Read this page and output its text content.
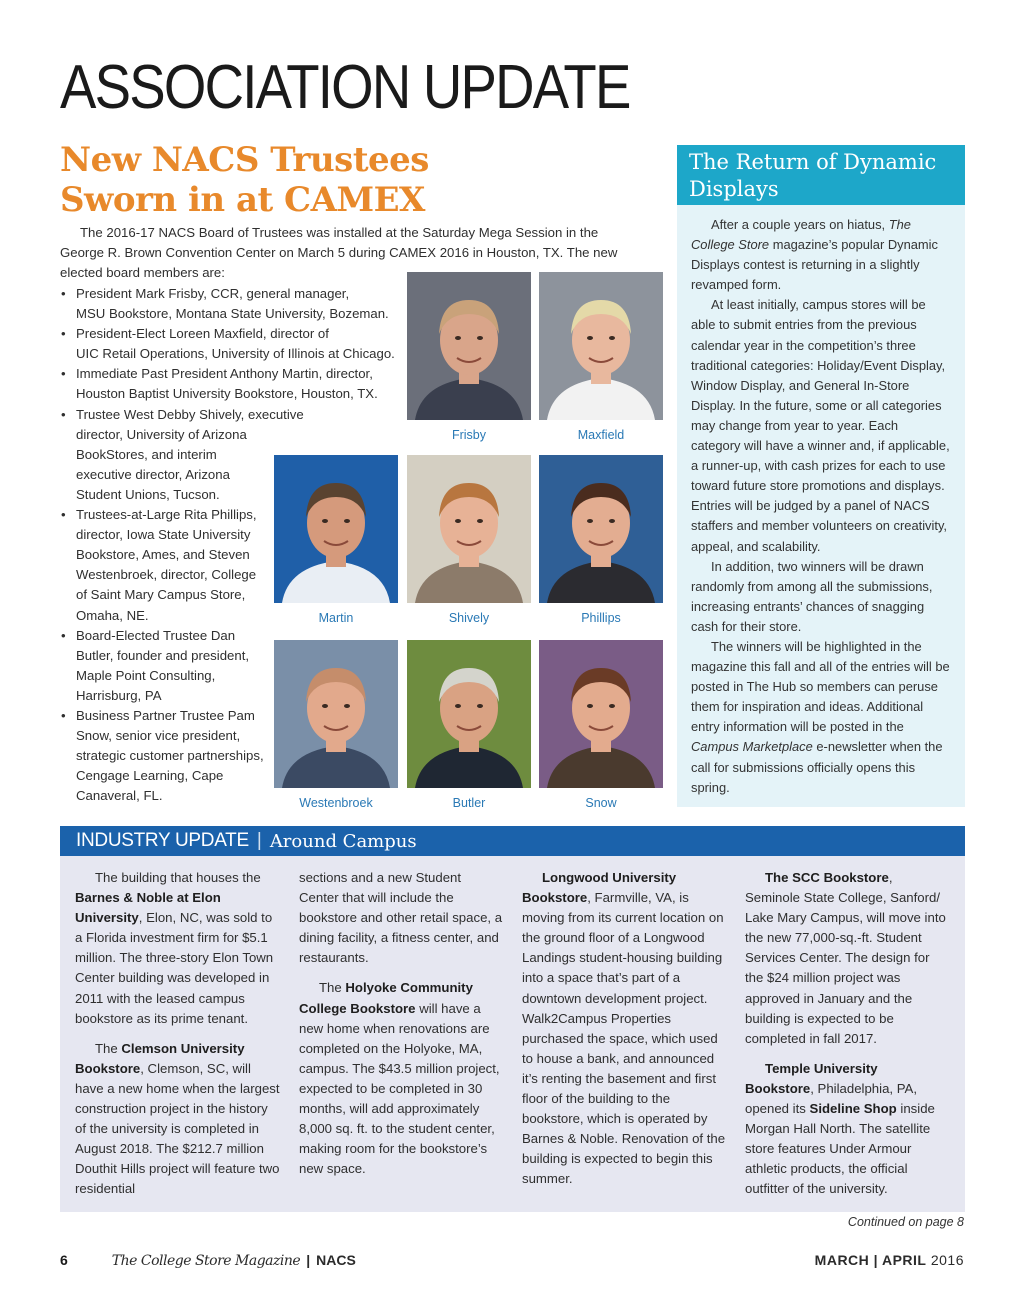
ASSOCIATION UPDATE
New NACS Trustees Sworn in at CAMEX

The 2016-17 NACS Board of Trustees was installed at the Saturday Mega Session in the George R. Brown Convention Center on March 5 during CAMEX 2016 in Houston, TX. The new elected board members are:

• President Mark Frisby, CCR, general manager,
MSU Bookstore, Montana State University, Bozeman.
• President-Elect Loreen Maxfield, director of
UIC Retail Operations, University of Illinois at Chicago.
• Immediate Past President Anthony Martin, director,
Houston Baptist University Bookstore, Houston, TX.
• Trustee West Debby Shively, executive
director, University of Arizona
BookStores, and interim
executive director, Arizona
Student Unions, Tucson.
• Trustees-at-Large Rita Phillips,
director, Iowa State University
Bookstore, Ames, and Steven
Westenbroek, director, College
of Saint Mary Campus Store,
Omaha, NE.
• Board-Elected Trustee Dan
Butler, founder and president,
Maple Point Consulting,
Harrisburg, PA
• Business Partner Trustee Pam
Snow, senior vice president,
strategic customer partnerships,
Cengage Learning, Cape
Canaveral, FL.
Frisby	Maxfield
Martin	Shively	Phillips
Westenbroek	Butler	Snow
The Return of Dynamic Displays

After a couple years on hiatus, The College Store magazine’s popular Dynamic Displays contest is returning in a slightly revamped form.

At least initially, campus stores will be able to submit entries from the previous calendar year in the competition’s three traditional categories: Holiday/Event Display, Window Display, and General In-Store Display. In the future, some or all categories may change from year to year. Each category will have a winner and, if applicable, a runner-up, with cash prizes for each to use toward future store promotions and displays. Entries will be judged by a panel of NACS staffers and member volunteers on creativity, appeal, and scalability.

In addition, two winners will be drawn randomly from among all the submissions, increasing entrants’ chances of snagging cash for their store.

The winners will be highlighted in the magazine this fall and all of the entries will be posted in The Hub so members can peruse them for inspiration and ideas. Additional entry information will be posted in the Campus Marketplace e-newsletter when the call for submissions officially opens this spring.

INDUSTRY UPDATE | Around Campus

The building that houses the Barnes & Noble at Elon University, Elon, NC, was sold to a Florida investment firm for $5.1 million. The three-story Elon Town Center building was developed in 2011 with the leased campus bookstore as its prime tenant.

The Clemson University Bookstore, Clemson, SC, will have a new home when the largest construction project in the history of the university is completed in August 2018. The $212.7 million Douthit Hills project will feature two residential

sections and a new Student Center that will include the bookstore and other retail space, a dining facility, a fitness center, and restaurants.

The Holyoke Community College Bookstore will have a new home when renovations are completed on the Holyoke, MA, campus. The $43.5 million project, expected to be completed in 30 months, will add approximately 8,000 sq. ft. to the student center, making room for the bookstore’s new space.

Longwood University Bookstore, Farmville, VA, is moving from its current location on the ground floor of a Longwood Landings student-housing building into a space that’s part of a downtown development project. Walk2Campus Properties purchased the space, which used to house a bank, and announced it’s renting the basement and first floor of the building to the bookstore, which is operated by Barnes & Noble. Renovation of the building is expected to begin this summer.

The SCC Bookstore, Seminole State College, Sanford/ Lake Mary Campus, will move into the new 77,000-sq.-ft. Student Services Center. The design for the $24 million project was approved in January and the building is expected to be completed in fall 2017.

Temple University Bookstore, Philadelphia, PA, opened its Sideline Shop inside Morgan Hall North. The satellite store features Under Armour athletic products, the official outfitter of the university.

Continued on page 8
6	The College Store Magazine | NACS	MARCH | APRIL 2016
